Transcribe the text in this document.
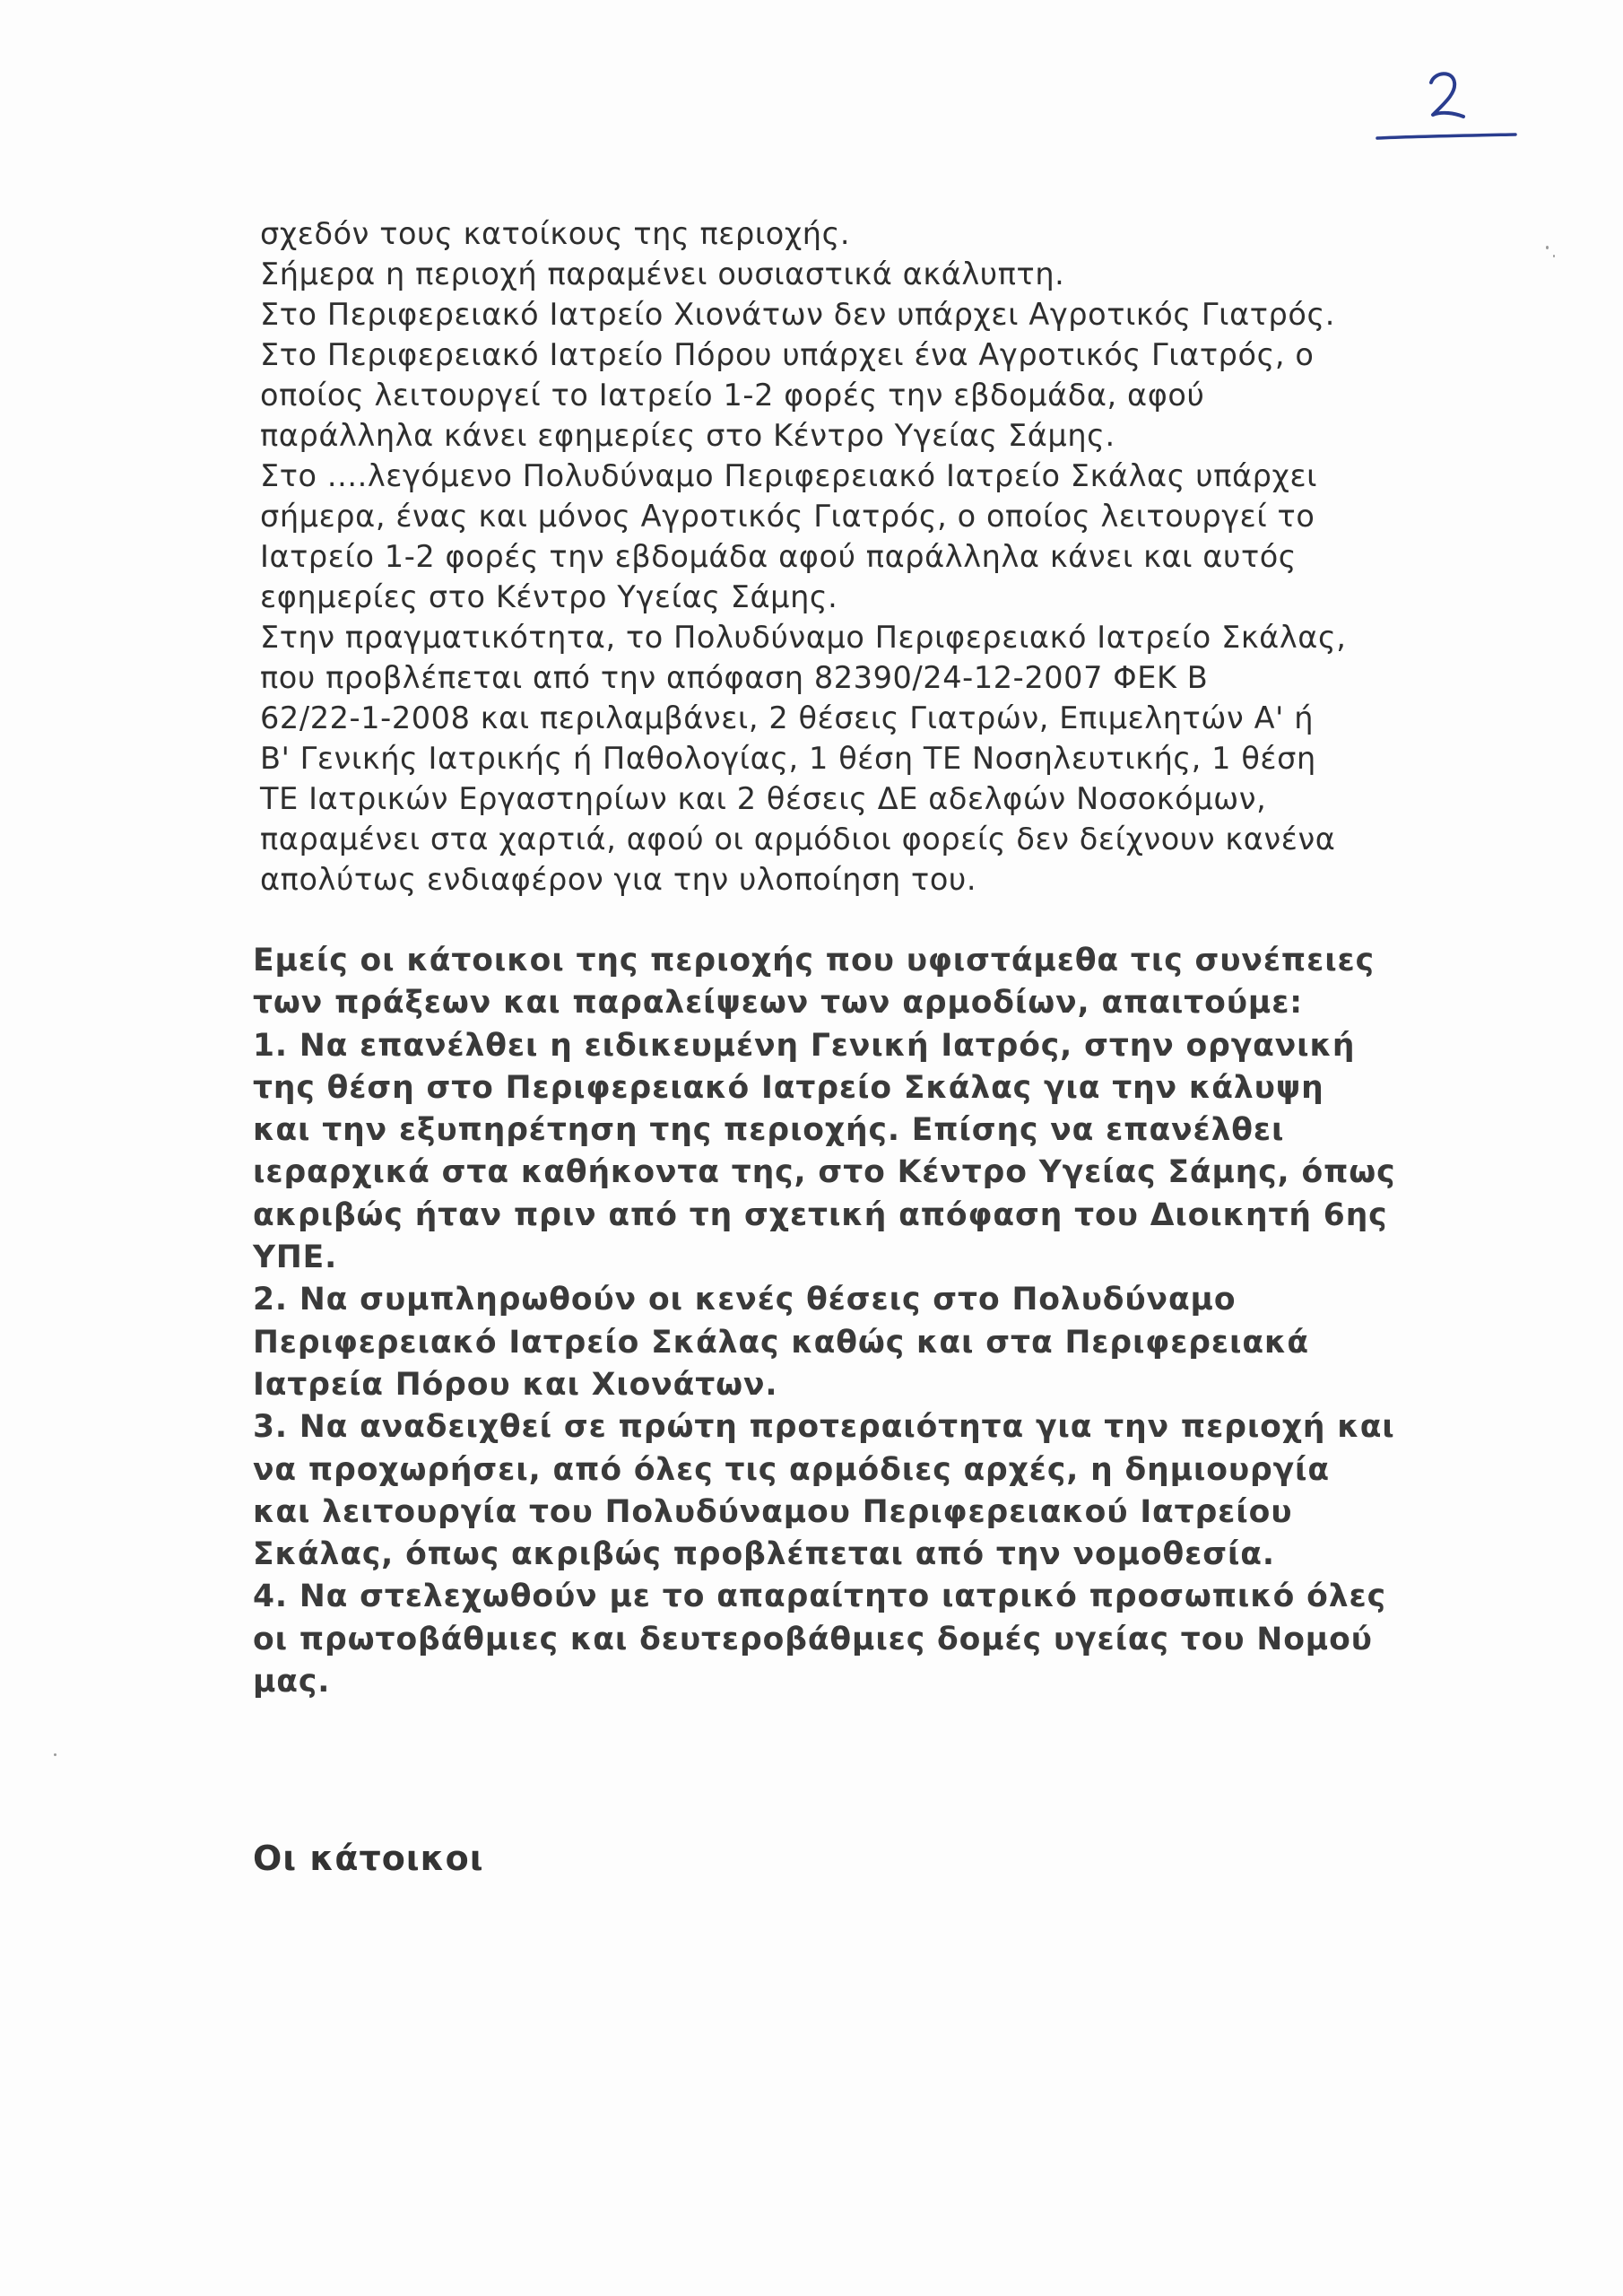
σχεδόν τους κατοίκους της περιοχής.
Σήμερα η περιοχή παραμένει ουσιαστικά ακάλυπτη.
Στο Περιφερειακό Ιατρείο Χιονάτων δεν υπάρχει Αγροτικός Γιατρός.
Στο Περιφερειακό Ιατρείο Πόρου υπάρχει ένα Αγροτικός Γιατρός, ο
οποίος λειτουργεί το Ιατρείο 1-2 φορές την εβδομάδα, αφού
παράλληλα κάνει εφημερίες στο Κέντρο Υγείας Σάμης.
Στο ....λεγόμενο Πολυδύναμο Περιφερειακό Ιατρείο Σκάλας υπάρχει
σήμερα, ένας και μόνος Αγροτικός Γιατρός, ο οποίος λειτουργεί το
Ιατρείο 1-2 φορές την εβδομάδα αφού παράλληλα κάνει και αυτός
εφημερίες στο Κέντρο Υγείας Σάμης.
Στην πραγματικότητα, το Πολυδύναμο Περιφερειακό Ιατρείο Σκάλας,
που προβλέπεται από την απόφαση 82390/24-12-2007 ΦΕΚ Β
62/22-1-2008 και περιλαμβάνει, 2 θέσεις Γιατρών, Επιμελητών Α' ή
Β' Γενικής Ιατρικής ή Παθολογίας, 1 θέση ΤΕ Νοσηλευτικής, 1 θέση
ΤΕ Ιατρικών Εργαστηρίων και 2 θέσεις ΔΕ αδελφών Νοσοκόμων,
παραμένει στα χαρτιά, αφού οι αρμόδιοι φορείς δεν δείχνουν κανένα
απολύτως ενδιαφέρον για την υλοποίηση του.
Εμείς οι κάτοικοι της περιοχής που υφιστάμεθα τις συνέπειες
των πράξεων και παραλείψεων των αρμοδίων, απαιτούμε:
1. Να επανέλθει η ειδικευμένη Γενική Ιατρός, στην οργανική
της θέση στο Περιφερειακό Ιατρείο Σκάλας για την κάλυψη
και την εξυπηρέτηση της περιοχής. Επίσης να επανέλθει
ιεραρχικά στα καθήκοντα της, στο Κέντρο Υγείας Σάμης, όπως
ακριβώς ήταν πριν από τη σχετική απόφαση του Διοικητή 6ης
ΥΠΕ.
2. Να συμπληρωθούν οι κενές θέσεις στο Πολυδύναμο
Περιφερειακό Ιατρείο Σκάλας καθώς και στα Περιφερειακά
Ιατρεία Πόρου και Χιονάτων.
3. Να αναδειχθεί σε πρώτη προτεραιότητα για την περιοχή και
να προχωρήσει, από όλες τις αρμόδιες αρχές, η δημιουργία
και λειτουργία του Πολυδύναμου Περιφερειακού Ιατρείου
Σκάλας, όπως ακριβώς προβλέπεται από την νομοθεσία.
4. Να στελεχωθούν με το απαραίτητο ιατρικό προσωπικό όλες
οι πρωτοβάθμιες και δευτεροβάθμιες δομές υγείας του Νομού
μας.
Οι κάτοικοι
